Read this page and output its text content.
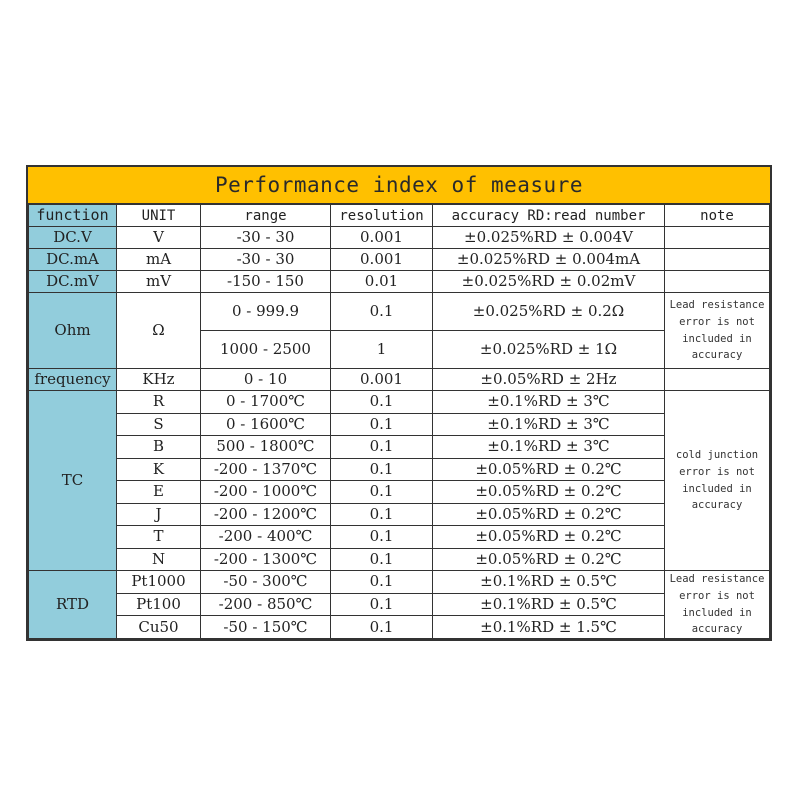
Performance index of measure
function	UNIT	range	resolution	accuracy RD:read number	note
DC.V	V	-30 - 30	0.001	±0.025%RD ± 0.004V	
DC.mA	mA	-30 - 30	0.001	±0.025%RD ± 0.004mA	
DC.mV	mV	-150 - 150	0.01	±0.025%RD ± 0.02mV	
Ohm	Ω	0 - 999.9	0.1	±0.025%RD ± 0.2Ω	Lead resistance error is not included in accuracy
		1000 - 2500	1	±0.025%RD ± 1Ω	
frequency	KHz	0 - 10	0.001	±0.05%RD ± 2Hz	
TC	R	0 - 1700℃	0.1	±0.1%RD ± 3℃	cold junction error is not included in accuracy
	S	0 - 1600℃	0.1	±0.1%RD ± 3℃	
	B	500 - 1800℃	0.1	±0.1%RD ± 3℃	
	K	-200 - 1370℃	0.1	±0.05%RD ± 0.2℃	
	E	-200 - 1000℃	0.1	±0.05%RD ± 0.2℃	
	J	-200 - 1200℃	0.1	±0.05%RD ± 0.2℃	
	T	-200 - 400℃	0.1	±0.05%RD ± 0.2℃	
	N	-200 - 1300℃	0.1	±0.05%RD ± 0.2℃	
RTD	Pt1000	-50 - 300℃	0.1	±0.1%RD ± 0.5℃	Lead resistance error is not included in accuracy
	Pt100	-200 - 850℃	0.1	±0.1%RD ± 0.5℃	
	Cu50	-50 - 150℃	0.1	±0.1%RD ± 1.5℃	
